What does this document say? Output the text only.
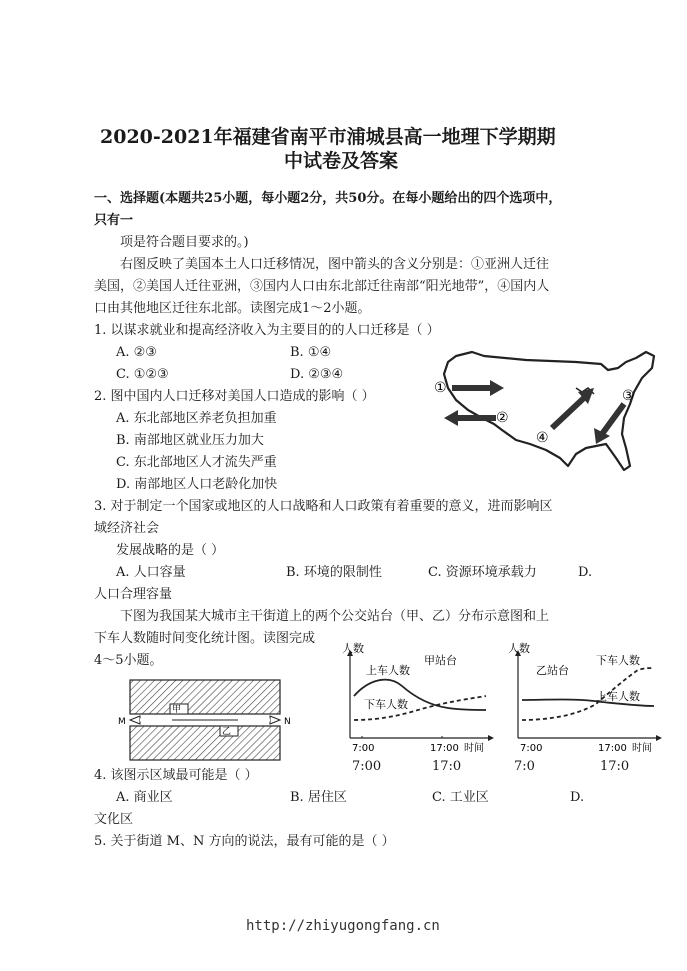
2020-2021年福建省南平市浦城县高一地理下学期期
中试卷及答案
一、选择题(本题共25小题，每小题2分，共50分。在每小题给出的四个选项中，
只有一
项是符合题目要求的。)
右图反映了美国本土人口迁移情况，图中箭头的含义分别是：①亚洲人迁往
美国，②美国人迁往亚洲，③国内人口由东北部迁往南部“阳光地带”，④国内人
口由其他地区迁往东北部。读图完成1～2小题。
1. 以谋求就业和提高经济收入为主要目的的人口迁移是（ ）
A. ②③	B. ①④
C. ①②③	D. ②③④
2. 图中国内人口迁移对美国人口造成的影响（ ）
A. 东北部地区养老负担加重
B. 南部地区就业压力加大
C. 东北部地区人才流失严重
D. 南部地区人口老龄化加快
①
②
③
④
3. 对于制定一个国家或地区的人口战略和人口政策有着重要的意义，进而影响区
域经济社会
发展战略的是（ ）
A. 人口容量	B. 环境的限制性	C. 资源环境承载力	D.
人口合理容量
下图为我国某大城市主干街道上的两个公交站台（甲、乙）分布示意图和上
下车人数随时间变化统计图。读图完成
4～5小题。
甲
乙
M	N
人数
甲站台
上车人数
下车人数
7:00	17:00 时间
人数
乙站台
下车人数
上车人数
7:00	17:00 时间
7:00	17:0	7:0	17:0
4. 该图示区域最可能是（ ）
A. 商业区	B. 居住区	C. 工业区	D.
文化区
5. 关于街道 M、N 方向的说法，最有可能的是（ ）
http://zhiyugongfang.cn
